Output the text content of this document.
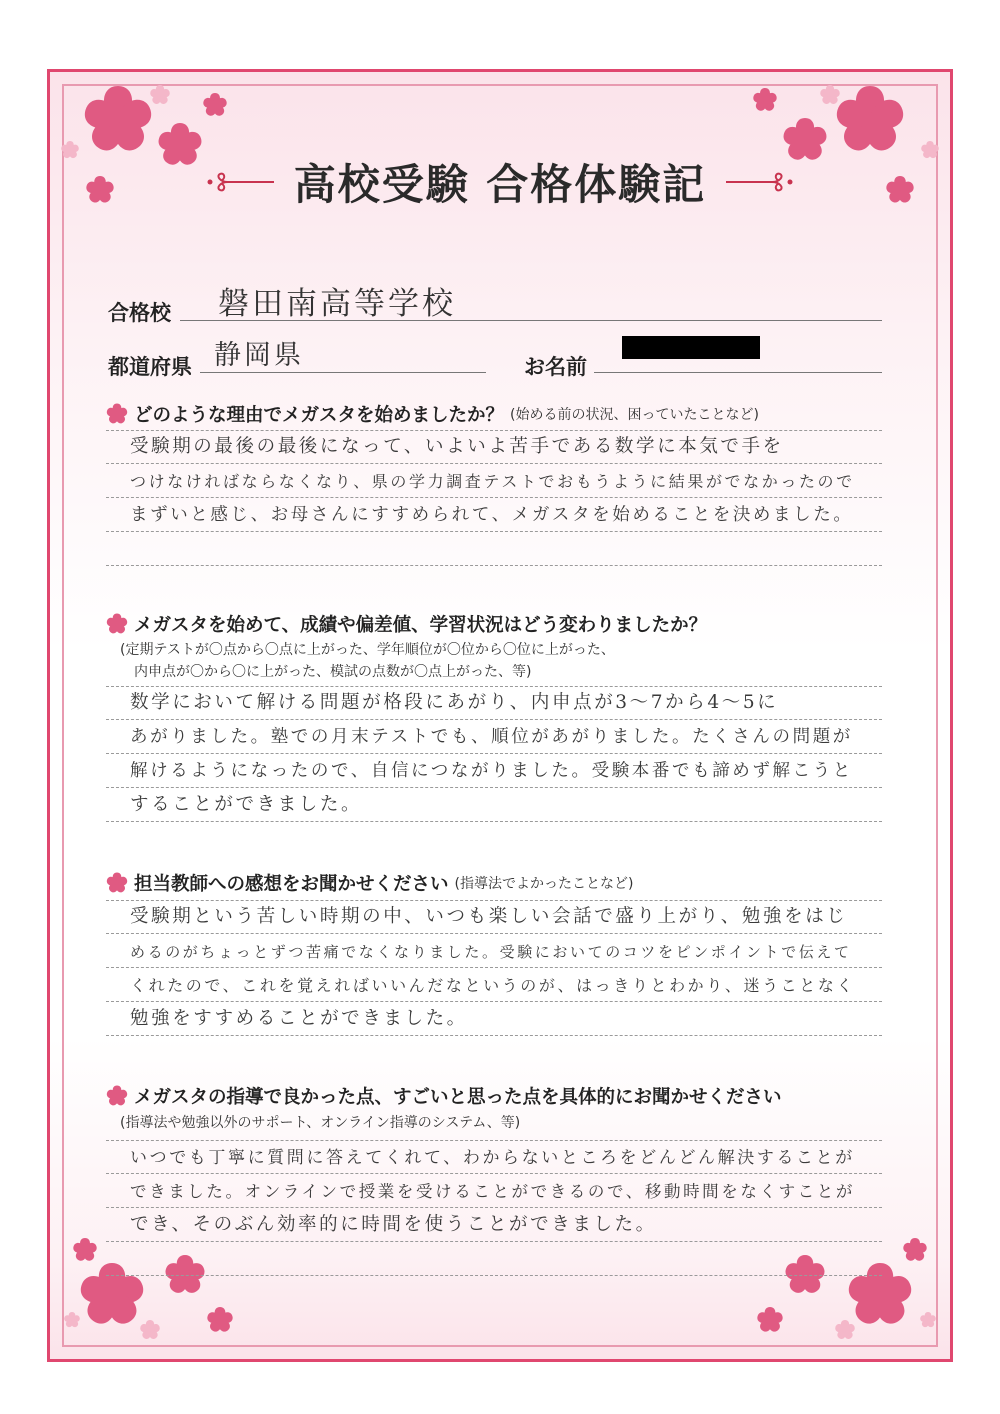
高校受験 合格体験記
合格校 磐田南高等学校
都道府県 静岡県	お名前
どのような理由でメガスタを始めましたか？ (始める前の状況、困っていたことなど)
受験期の最後の最後になって、いよいよ苦手である数学に本気で手を
つけなければならなくなり、県の学力調査テストでおもうように結果がでなかったので
まずいと感じ、お母さんにすすめられて、メガスタを始めることを決めました。
メガスタを始めて、成績や偏差値、学習状況はどう変わりましたか？
(定期テストが〇点から〇点に上がった、学年順位が〇位から〇位に上がった、
内申点が〇から〇に上がった、模試の点数が〇点上がった、等)
数学において解ける問題が格段にあがり、内申点が3〜7から4〜5に
あがりました。塾での月末テストでも、順位があがりました。たくさんの問題が
解けるようになったので、自信につながりました。受験本番でも諦めず解こうと
することができました。
担当教師への感想をお聞かせください (指導法でよかったことなど)
受験期という苦しい時期の中、いつも楽しい会話で盛り上がり、勉強をはじ
めるのがちょっとずつ苦痛でなくなりました。受験においてのコツをピンポイントで伝えて
くれたので、これを覚えればいいんだなというのが、はっきりとわかり、迷うことなく
勉強をすすめることができました。
メガスタの指導で良かった点、すごいと思った点を具体的にお聞かせください
(指導法や勉強以外のサポート、オンライン指導のシステム、等)
いつでも丁寧に質問に答えてくれて、わからないところをどんどん解決することが
できました。オンラインで授業を受けることができるので、移動時間をなくすことが
でき、そのぶん効率的に時間を使うことができました。
